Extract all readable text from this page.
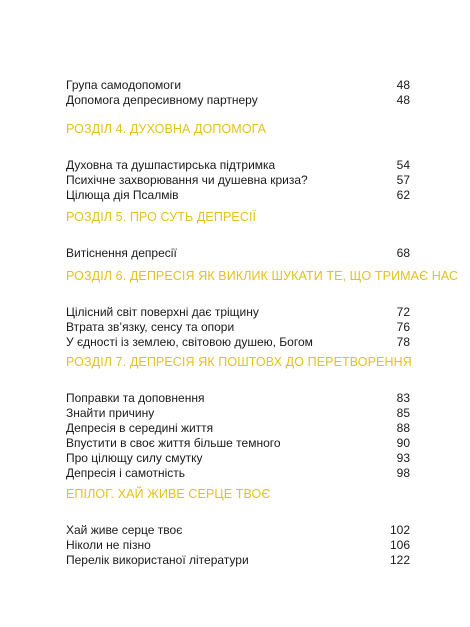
Група самодопомоги	48
Допомога депресивному партнеру	48
РОЗДІЛ 4. ДУХОВНА ДОПОМОГА
Духовна та душпастирська підтримка	54
Психічне захворювання чи душевна криза?	57
Цілюща дія Псалмів	62
РОЗДІЛ 5. ПРО СУТЬ ДЕПРЕСІЇ
Витіснення депресії	68
РОЗДІЛ 6. ДЕПРЕСІЯ ЯК ВИКЛИК ШУКАТИ ТЕ, ЩО ТРИМАЄ НАС
Цілісний світ поверхні дає тріщину	72
Втрата зв’язку, сенсу та опори	76
У єдності із землею, світовою душею, Богом	78
РОЗДІЛ 7. ДЕПРЕСІЯ ЯК ПОШТОВХ ДО ПЕРЕТВОРЕННЯ
Поправки та доповнення	83
Знайти причину	85
Депресія в середині життя	88
Впустити в своє життя більше темного	90
Про цілющу силу смутку	93
Депресія і самотність	98
ЕПІЛОГ. ХАЙ ЖИВЕ СЕРЦЕ ТВОЄ
Хай живе серце твоє	102
Ніколи не пізно	106
Перелік використаної літератури	122
